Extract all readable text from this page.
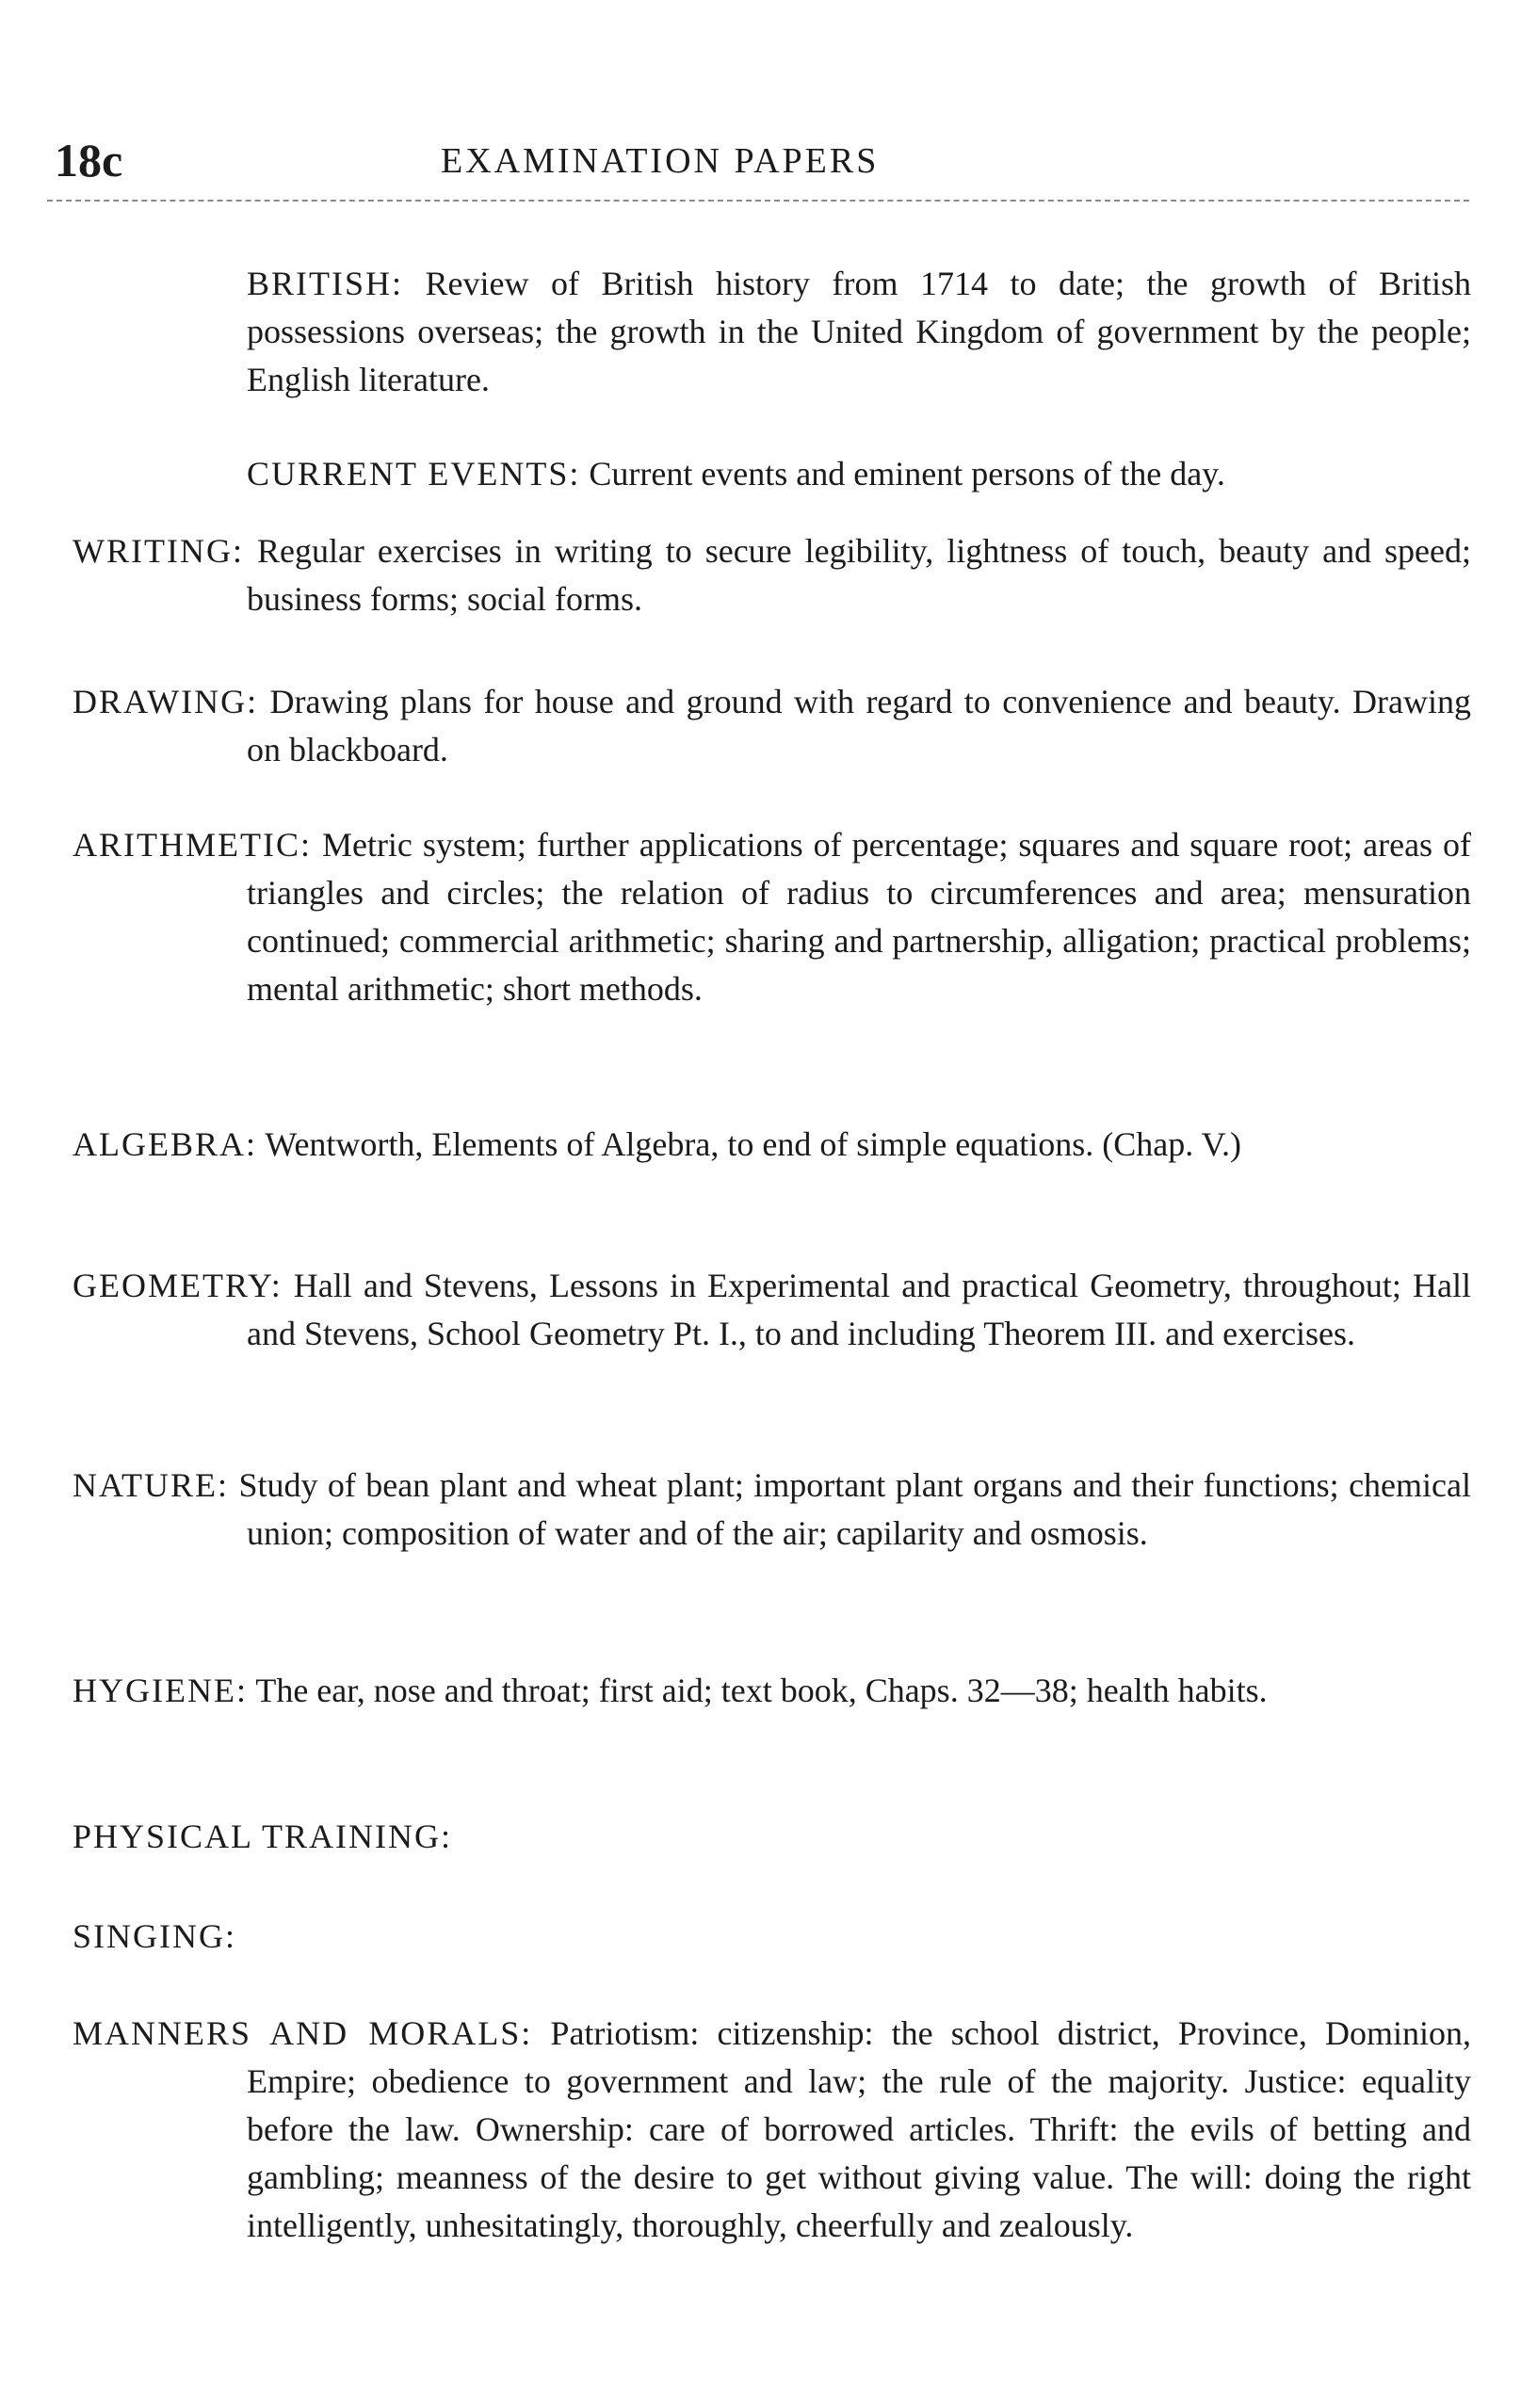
18c	EXAMINATION PAPERS
BRITISH: Review of British history from 1714 to date; the growth of British possessions overseas; the growth in the United Kingdom of government by the people; English literature.
CURRENT EVENTS: Current events and eminent persons of the day.
WRITING: Regular exercises in writing to secure legibility, lightness of touch, beauty and speed; business forms; social forms.
DRAWING: Drawing plans for house and ground with regard to convenience and beauty. Drawing on blackboard.
ARITHMETIC: Metric system; further applications of percentage; squares and square root; areas of triangles and circles; the relation of radius to circumferences and area; mensuration continued; commercial arithmetic; sharing and partnership, alligation; practical problems; mental arithmetic; short methods.
ALGEBRA: Wentworth, Elements of Algebra, to end of simple equations. (Chap. V.)
GEOMETRY: Hall and Stevens, Lessons in Experimental and practical Geometry, throughout; Hall and Stevens, School Geometry Pt. I., to and including Theorem III. and exercises.
NATURE: Study of bean plant and wheat plant; important plant organs and their functions; chemical union; composition of water and of the air; capilarity and osmosis.
HYGIENE: The ear, nose and throat; first aid; text book, Chaps. 32—38; health habits.
PHYSICAL TRAINING:
SINGING:
MANNERS AND MORALS: Patriotism: citizenship: the school district, Province, Dominion, Empire; obedience to government and law; the rule of the majority. Justice: equality before the law. Ownership: care of borrowed articles. Thrift: the evils of betting and gambling; meanness of the desire to get without giving value. The will: doing the right intelligently, unhesitatingly, thoroughly, cheerfully and zealously.
